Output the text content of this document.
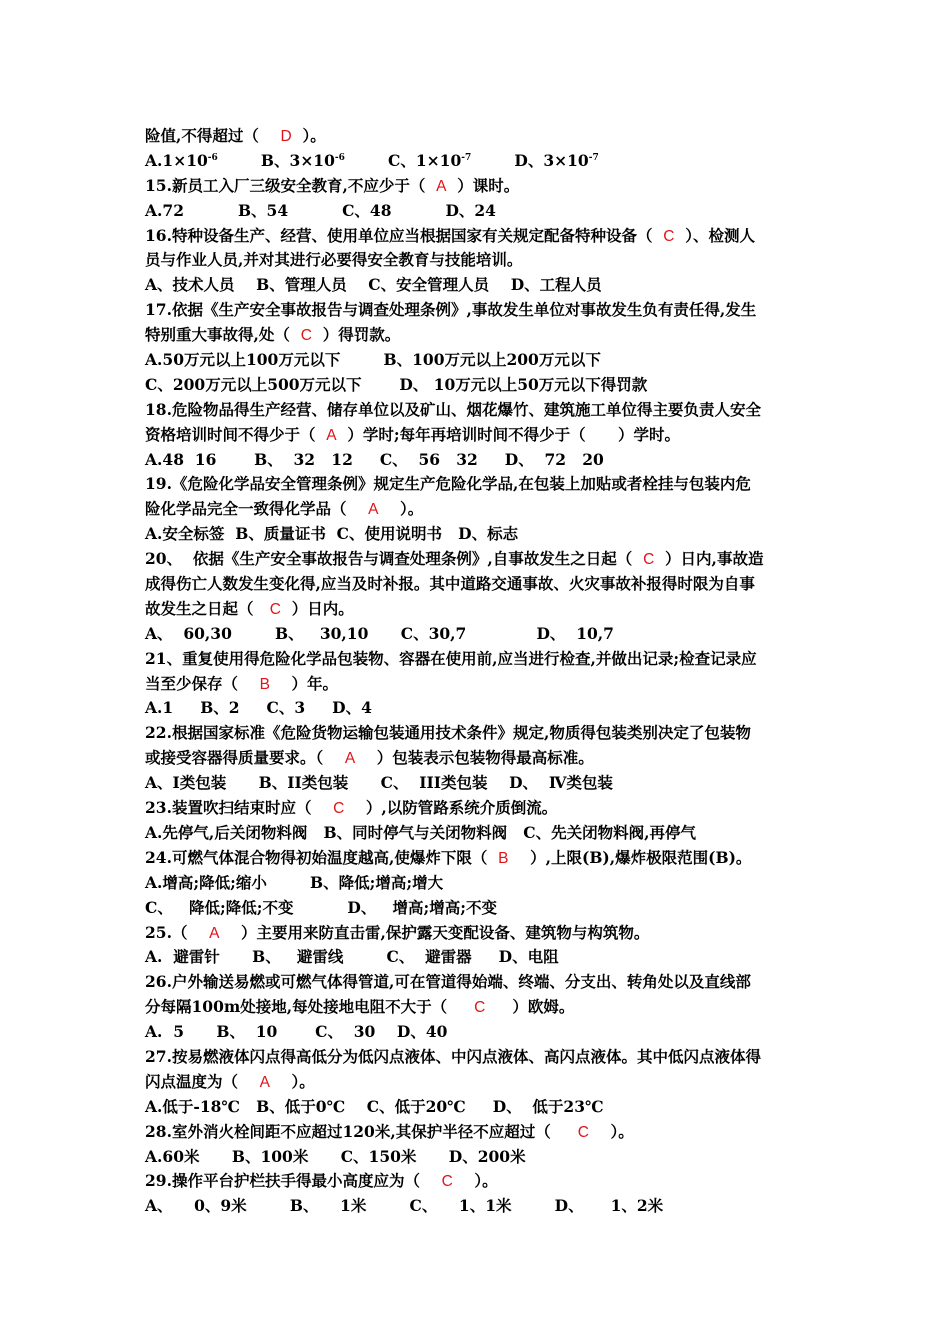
险值,不得超过（    D  ）。
$A.1\times 10^{-6}$        B、$3\times 10^{-6}$        C、$1\times 10^{-7}$        D、$3\times 10^{-7}$
15.新员工入厂三级安全教育,不应少于（  A  ）课时。
A.72          B、54          C、48          D、24
16.特种设备生产、经营、使用单位应当根据国家有关规定配备特种设备（  C  ）、检测人
员与作业人员,并对其进行必要得安全教育与技能培训。
A、技术人员    B、管理人员    C、安全管理人员    D、工程人员
17.依据《生产安全事故报告与调查处理条例》,事故发生单位对事故发生负有责任得,发生
特别重大事故得,处（  C  ）得罚款。
A.50万元以上100万元以下        B、100万元以上200万元以下
C、200万元以上500万元以下       D、 10万元以上50万元以下得罚款
18.危险物品得生产经营、储存单位以及矿山、烟花爆竹、建筑施工单位得主要负责人安全
资格培训时间不得少于（  A  ）学时;每年再培训时间不得少于（      ）学时。
A.48  16       B、  32   12     C、  56   32     D、  72   20
19.《危险化学品安全管理条例》规定生产危险化学品,在包装上加贴或者栓挂与包装内危
险化学品完全一致得化学品（    A    ）。
A.安全标签  B、质量证书  C、使用说明书   D、标志
20、  依据《生产安全事故报告与调查处理条例》,自事故发生之日起（  C  ）日内,事故造
成得伤亡人数发生变化得,应当及时补报。其中道路交通事故、火灾事故补报得时限为自事
故发生之日起（   C  ）日内。
A、  60,30        B、   30,10      C、30,7             D、  10,7
21、重复使用得危险化学品包装物、容器在使用前,应当进行检查,并做出记录;检查记录应
当至少保存（    B    ）年。
A.1     B、2     C、3     D、4
22.根据国家标准《危险货物运输包装通用技术条件》规定,物质得包装类别决定了包装物
或接受容器得质量要求。（    A    ）包装表示包装物得最高标准。
A、I类包装      B、II类包装      C、  III类包装    D、  Ⅳ类包装
23.装置吹扫结束时应（    C    ）,以防管路系统介质倒流。
A.先停气,后关闭物料阀   B、同时停气与关闭物料阀   C、先关闭物料阀,再停气
24.可燃气体混合物得初始温度越高,使爆炸下限（  B    ）,上限(B),爆炸极限范围(B)。
A.增高;降低;缩小        B、降低;增高;增大
C、   降低;降低;不变          D、   增高;增高;不变
25.（    A    ）主要用来防直击雷,保护露天变配设备、建筑物与构筑物。
A.  避雷针      B、   避雷线        C、  避雷器     D、电阻
26.户外输送易燃或可燃气体得管道,可在管道得始端、终端、分支出、转角处以及直线部
分每隔100m处接地,每处接地电阻不大于（     C     ）欧姆。
A.  5      B、  10       C、  30    D、40
27.按易燃液体闪点得高低分为低闪点液体、中闪点液体、高闪点液体。其中低闪点液体得
闪点温度为（    A    ）。
A.低于-18℃   B、低于0℃    C、低于20℃     D、  低于23℃
28.室外消火栓间距不应超过120米,其保护半径不应超过（     C    ）。
A.60米      B、100米      C、150米      D、200米
29.操作平台护栏扶手得最小高度应为（    C    ）。
A、    0、9米        B、    1米        C、    1、1米        D、     1、2米
